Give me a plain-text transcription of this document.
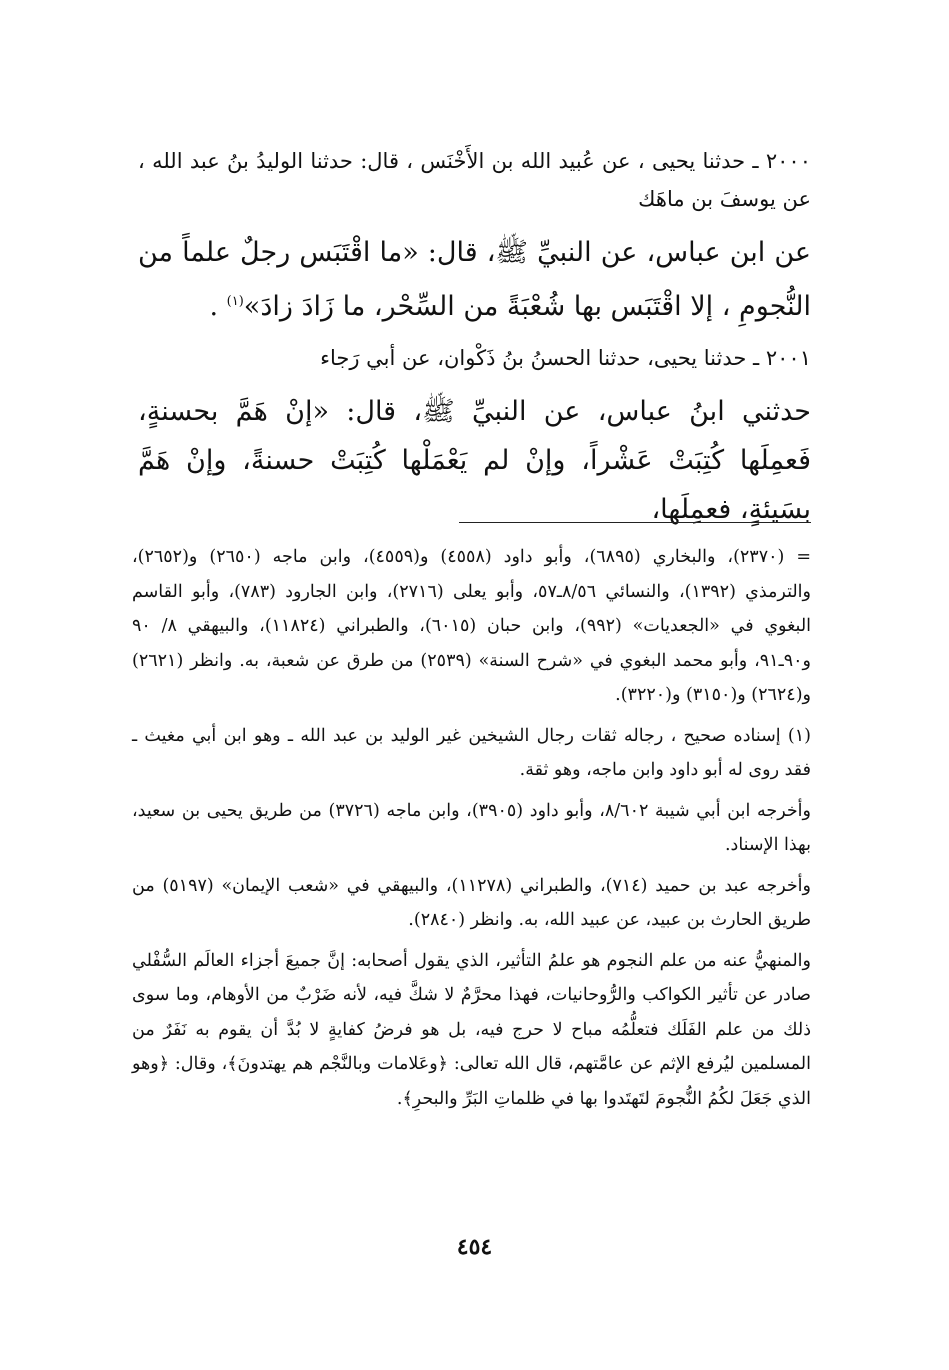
٢٠٠٠ ـ حدثنا يحيى ، عن عُبيد الله بن الأَخْنَس ، قال: حدثنا الوليدُ بنُ عبد الله ، عن يوسفَ بن ماهَك

عن ابن عباس، عن النبيِّ ﷺ، قال: «ما اقْتَبَس رجلٌ علماً من النُّجومِ ، إلا اقْتَبَس بها شُعْبَةً من السِّحْر، ما زَادَ زادَ»$^{(١)}$ .

٢٠٠١ ـ حدثنا يحيى، حدثنا الحسنُ بنُ ذَكْوان، عن أبي رَجاء

حدثني ابنُ عباس، عن النبيِّ ﷺ، قال: «إنْ هَمَّ بحسنةٍ، فَعمِلَها كُتِبَتْ عَشْراً، وإنْ لم يَعْمَلْها كُتِبَتْ حسنةً، وإنْ هَمَّ بسَيئةٍ، فعمِلَها،

= (٢٣٧٠)، والبخاري (٦٨٩٥)، وأبو داود (٤٥٥٨) و(٤٥٥٩)، وابن ماجه (٢٦٥٠) و(٢٦٥٢)، والترمذي (١٣٩٢)، والنسائي ٨/٥٦ـ٥٧، وأبو يعلى (٢٧١٦)، وابن الجارود (٧٨٣)، وأبو القاسم البغوي في «الجعديات» (٩٩٢)، وابن حبان (٦٠١٥)، والطبراني (١١٨٢٤)، والبيهقي ٨/ ٩٠ و٩٠ـ٩١، وأبو محمد البغوي في «شرح السنة» (٢٥٣٩) من طرق عن شعبة، به. وانظر (٢٦٢١) و(٢٦٢٤) و(٣١٥٠) و(٣٢٢٠).

(١) إسناده صحيح ، رجاله ثقات رجال الشيخين غير الوليد بن عبد الله ـ وهو ابن أبي مغيث ـ فقد روى له أبو داود وابن ماجه، وهو ثقة.

وأخرجه ابن أبي شيبة ٨/٦٠٢، وأبو داود (٣٩٠٥)، وابن ماجه (٣٧٢٦) من طريق يحيى بن سعيد، بهذا الإسناد.

وأخرجه عبد بن حميد (٧١٤)، والطبراني (١١٢٧٨)، والبيهقي في «شعب الإيمان» (٥١٩٧) من طريق الحارث بن عبيد، عن عبيد الله، به. وانظر (٢٨٤٠).

والمنهيُّ عنه من علم النجوم هو علمُ التأثير، الذي يقول أصحابه: إنَّ جميعَ أجزاء العالَم السُّفْلي صادر عن تأثير الكواكب والرُّوحانيات، فهذا محرَّمٌ لا شكَّ فيه، لأنه ضَرْبٌ من الأوهام، وما سوى ذلك من علم الفَلَك فتعلُّمُه مباح لا حرج فيه، بل هو فرضُ كفايةٍ لا بُدَّ أن يقوم به نَفَرٌ من المسلمين ليُرفع الإثم عن عامَّتهم، قال الله تعالى: ﴿وعَلامات وبالنَّجْم هم يهتدونَ﴾، وقال: ﴿وهو الذي جَعَلَ لكُمُ النُّجومَ لتَهتَدوا بها في ظلماتِ البَرِّ والبحرِ﴾.

٤٥٤
